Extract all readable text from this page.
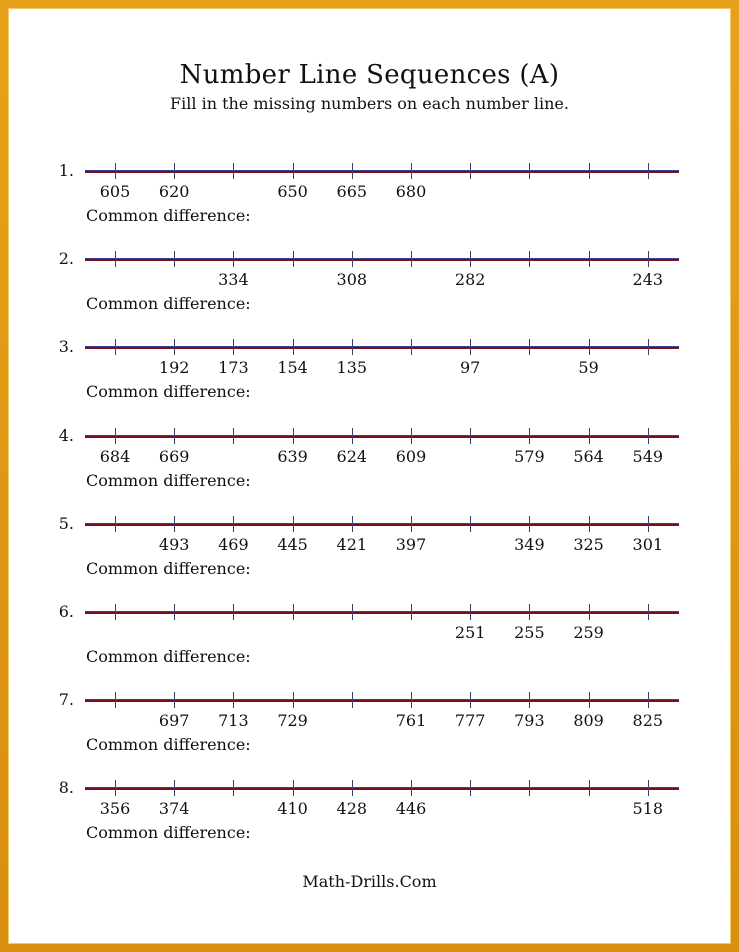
Number Line Sequences (A)
Fill in the missing numbers on each number line.
1.
605	620	650	665	680
Common difference:
2.
334	308	282	243
Common difference:
3.
192	173	154	135	97	59
Common difference:
4.
684	669	639	624	609	579	564	549
Common difference:
5.
493	469	445	421	397	349	325	301
Common difference:
6.
251	255	259
Common difference:
7.
697	713	729	761	777	793	809	825
Common difference:
8.
356	374	410	428	446	518
Common difference:
Math-Drills.Com
